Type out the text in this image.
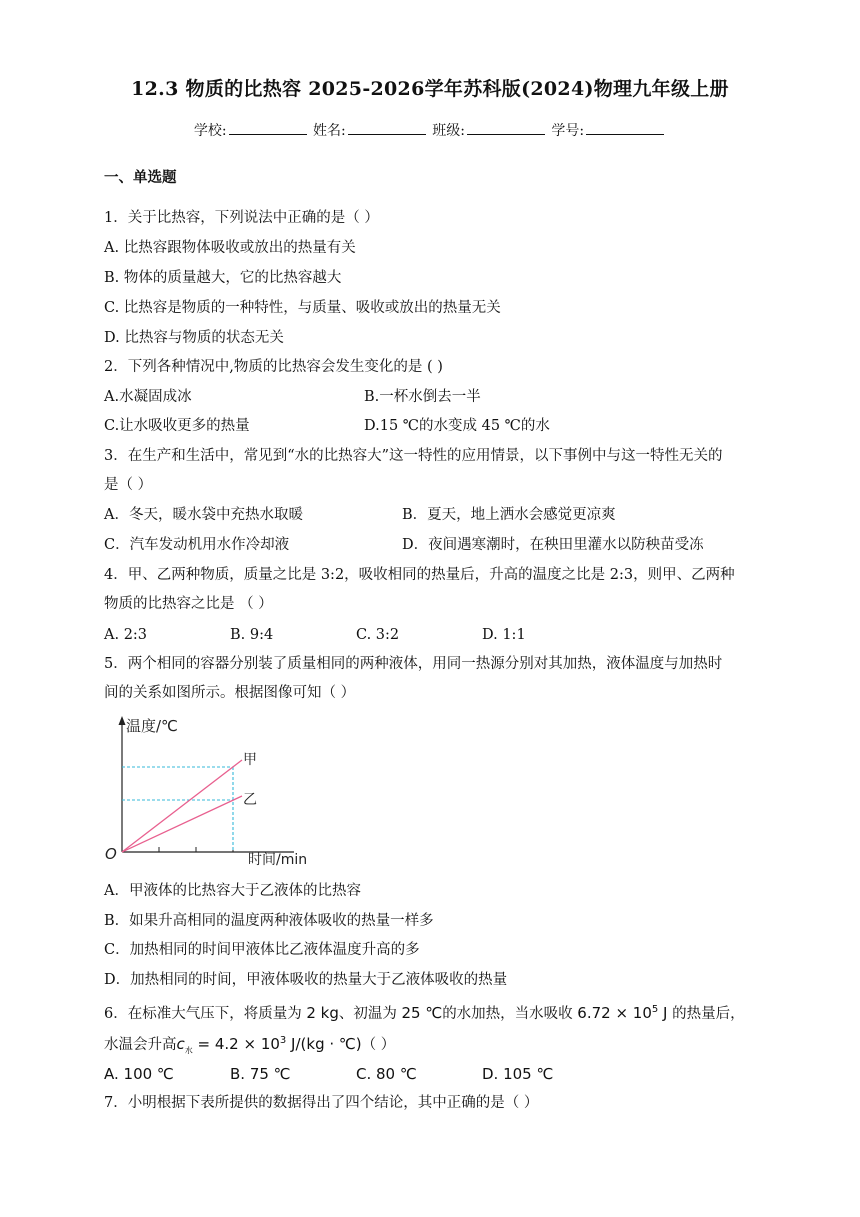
12.3 物质的比热容 2025-2026学年苏科版(2024)物理九年级上册
学校:	姓名:	班级:	学号:
一、单选题
1．关于比热容，下列说法中正确的是（ ）
A. 比热容跟物体吸收或放出的热量有关
B. 物体的质量越大，它的比热容越大
C. 比热容是物质的一种特性，与质量、吸收或放出的热量无关
D. 比热容与物质的状态无关
2．下列各种情况中,物质的比热容会发生变化的是 ( )
A.水凝固成冰	B.一杯水倒去一半
C.让水吸收更多的热量	D.15 ℃的水变成 45 ℃的水
3．在生产和生活中，常见到“水的比热容大”这一特性的应用情景，以下事例中与这一特性无关的
是（ ）
A．冬天，暖水袋中充热水取暖	B．夏天，地上洒水会感觉更凉爽
C．汽车发动机用水作冷却液	D．夜间遇寒潮时，在秧田里灌水以防秧苗受冻
4．甲、乙两种物质，质量之比是 3:2，吸收相同的热量后，升高的温度之比是 2:3，则甲、乙两种
物质的比热容之比是 （ ）
A. 2:3	B. 9:4	C. 3:2	D. 1:1
5．两个相同的容器分别装了质量相同的两种液体，用同一热源分别对其加热，液体温度与加热时
间的关系如图所示。根据图像可知（ ）
温度/℃
时间/min
O
甲
乙
A．甲液体的比热容大于乙液体的比热容
B．如果升高相同的温度两种液体吸收的热量一样多
C．加热相同的时间甲液体比乙液体温度升高的多
D．加热相同的时间，甲液体吸收的热量大于乙液体吸收的热量
6．在标准大气压下，将质量为 2 kg、初温为 25 ℃的水加热，当水吸收 $6.72 \times 10^5$ J 的热量后，
水温会升高$c_水 = 4.2 \times 10^3$ J/(kg · ℃)（ ）
A. 100 ℃	B. 75 ℃	C. 80 ℃	D. 105 ℃
7．小明根据下表所提供的数据得出了四个结论，其中正确的是（ ）
